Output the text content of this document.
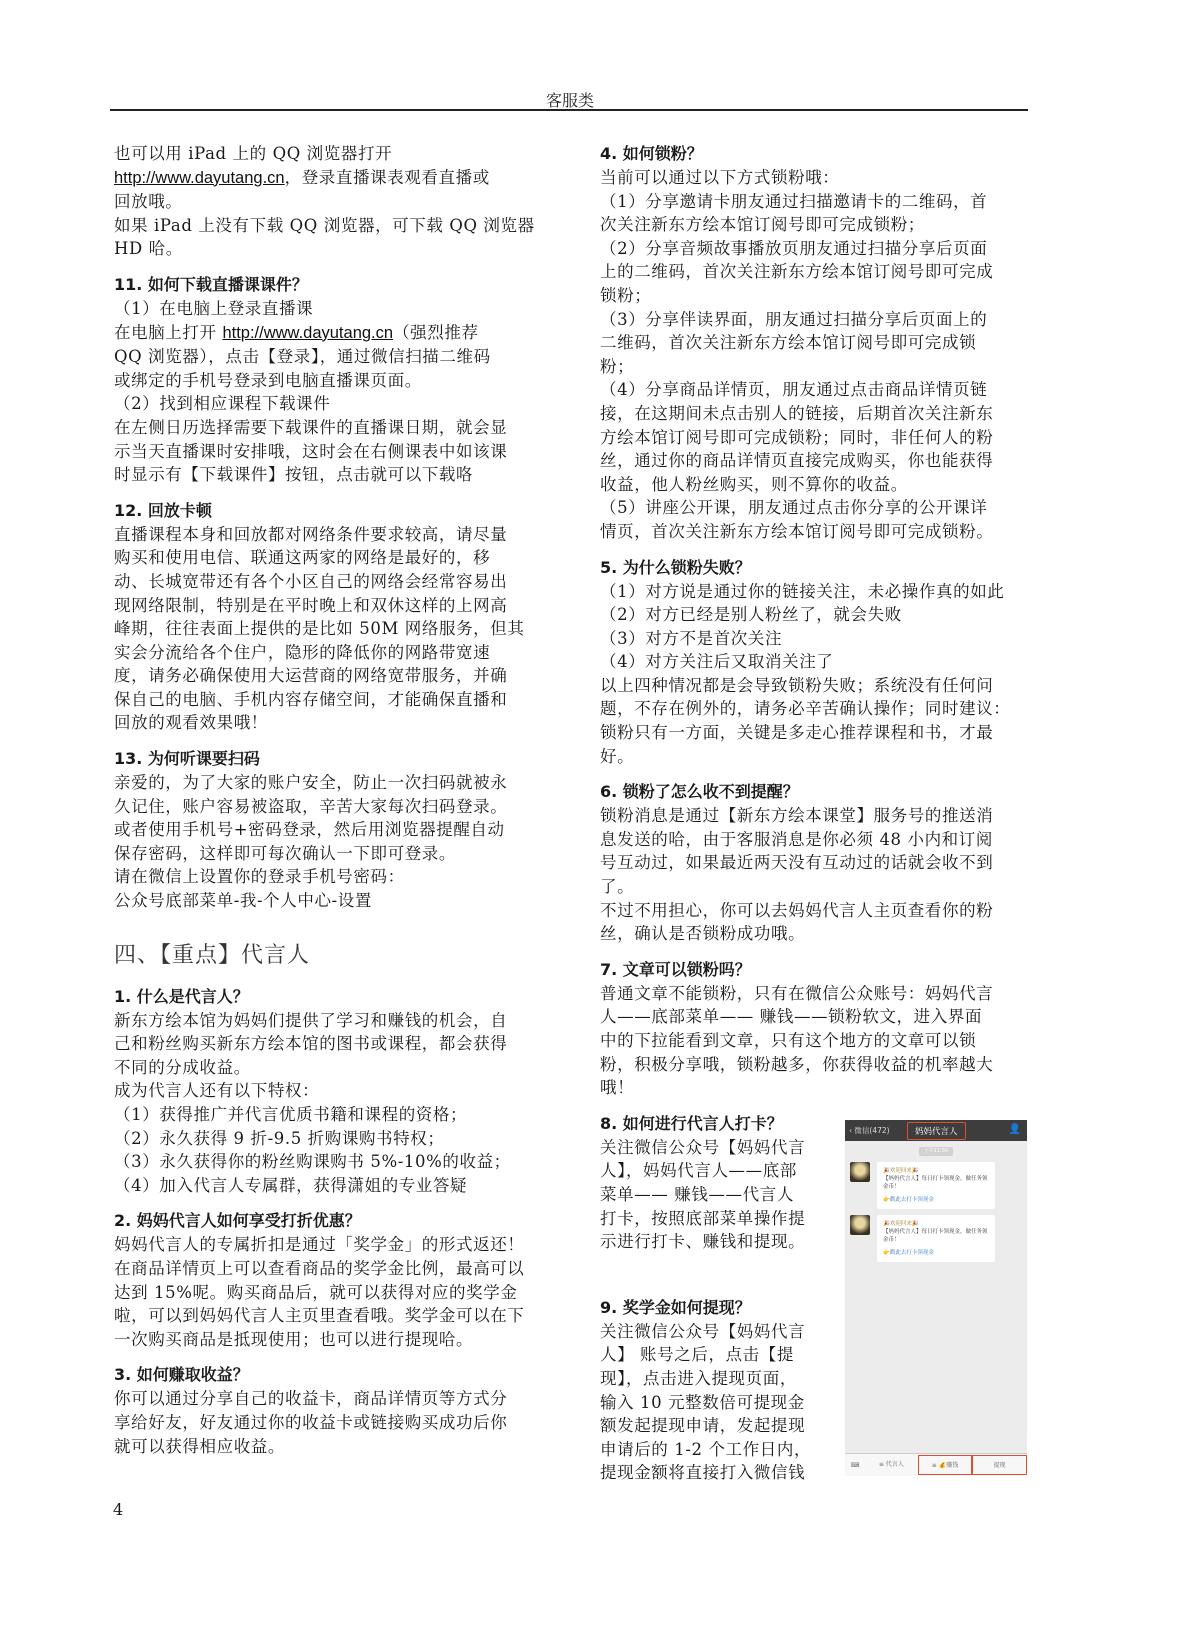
客服类
也可以用 iPad 上的 QQ 浏览器打开
http://www.dayutang.cn，登录直播课表观看直播或
回放哦。
如果 iPad 上没有下载 QQ 浏览器，可下载 QQ 浏览器
HD 哈。
11. 如何下载直播课课件？
（1）在电脑上登录直播课
在电脑上打开 http://www.dayutang.cn（强烈推荐
QQ 浏览器），点击【登录】，通过微信扫描二维码
或绑定的手机号登录到电脑直播课页面。
（2）找到相应课程下载课件
在左侧日历选择需要下载课件的直播课日期，就会显
示当天直播课时安排哦，这时会在右侧课表中如该课
时显示有【下载课件】按钮，点击就可以下载咯
12. 回放卡顿
直播课程本身和回放都对网络条件要求较高，请尽量
购买和使用电信、联通这两家的网络是最好的，移
动、长城宽带还有各个小区自己的网络会经常容易出
现网络限制，特别是在平时晚上和双休这样的上网高
峰期，往往表面上提供的是比如 50M 网络服务，但其
实会分流给各个住户，隐形的降低你的网路带宽速
度，请务必确保使用大运营商的网络宽带服务，并确
保自己的电脑、手机内容存储空间，才能确保直播和
回放的观看效果哦！
13. 为何听课要扫码
亲爱的，为了大家的账户安全，防止一次扫码就被永
久记住，账户容易被盗取，辛苦大家每次扫码登录。
或者使用手机号+密码登录，然后用浏览器提醒自动
保存密码，这样即可每次确认一下即可登录。
请在微信上设置你的登录手机号密码：
公众号底部菜单-我-个人中心-设置
四、【重点】代言人
1. 什么是代言人？
新东方绘本馆为妈妈们提供了学习和赚钱的机会，自
己和粉丝购买新东方绘本馆的图书或课程，都会获得
不同的分成收益。
成为代言人还有以下特权：
（1）获得推广并代言优质书籍和课程的资格；
（2）永久获得 9 折-9.5 折购课购书特权；
（3）永久获得你的粉丝购课购书 5%-10%的收益；
（4）加入代言人专属群，获得潇姐的专业答疑
2. 妈妈代言人如何享受打折优惠？
妈妈代言人的专属折扣是通过「奖学金」的形式返还！
在商品详情页上可以查看商品的奖学金比例，最高可以
达到 15%呢。购买商品后，就可以获得对应的奖学金
啦，可以到妈妈代言人主页里查看哦。奖学金可以在下
一次购买商品是抵现使用；也可以进行提现哈。
3. 如何赚取收益？
你可以通过分享自己的收益卡，商品详情页等方式分
享给好友，好友通过你的收益卡或链接购买成功后你
就可以获得相应收益。
4. 如何锁粉？
当前可以通过以下方式锁粉哦：
（1）分享邀请卡朋友通过扫描邀请卡的二维码，首
次关注新东方绘本馆订阅号即可完成锁粉；
（2）分享音频故事播放页朋友通过扫描分享后页面
上的二维码，首次关注新东方绘本馆订阅号即可完成
锁粉；
（3）分享伴读界面，朋友通过扫描分享后页面上的
二维码，首次关注新东方绘本馆订阅号即可完成锁
粉；
（4）分享商品详情页，朋友通过点击商品详情页链
接，在这期间未点击别人的链接，后期首次关注新东
方绘本馆订阅号即可完成锁粉；同时，非任何人的粉
丝，通过你的商品详情页直接完成购买，你也能获得
收益，他人粉丝购买，则不算你的收益。
（5）讲座公开课，朋友通过点击你分享的公开课详
情页，首次关注新东方绘本馆订阅号即可完成锁粉。
5. 为什么锁粉失败？
（1）对方说是通过你的链接关注，未必操作真的如此
（2）对方已经是别人粉丝了，就会失败
（3）对方不是首次关注
（4）对方关注后又取消关注了
以上四种情况都是会导致锁粉失败；系统没有任何问
题，不存在例外的，请务必辛苦确认操作；同时建议：
锁粉只有一方面，关键是多走心推荐课程和书，才最
好。
6. 锁粉了怎么收不到提醒？
锁粉消息是通过【新东方绘本课堂】服务号的推送消
息发送的哈，由于客服消息是你必须 48 小内和订阅
号互动过，如果最近两天没有互动过的话就会收不到
了。
不过不用担心，你可以去妈妈代言人主页查看你的粉
丝，确认是否锁粉成功哦。
7. 文章可以锁粉吗？
普通文章不能锁粉，只有在微信公众账号：妈妈代言
人——底部菜单—— 赚钱——锁粉软文，进入界面
中的下拉能看到文章，只有这个地方的文章可以锁
粉，积极分享哦，锁粉越多，你获得收益的机率越大
哦！
8. 如何进行代言人打卡？
关注微信公众号【妈妈代言
人】，妈妈代言人——底部
菜单—— 赚钱——代言人
打卡，按照底部菜单操作提
示进行打卡、赚钱和提现。
9. 奖学金如何提现？
关注微信公众号【妈妈代言
人】 账号之后，点击【提
现】，点击进入提现页面，
输入 10 元整数倍可提现金
额发起提现申请，发起提现
申请后的 1-2 个工作日内，
提现金额将直接打入微信钱
‹ 微信(472)	妈妈代言人	👤
上午11:50
🎉欢迎回来🎉
【妈妈代言人】每日打卡领现金，做任务领金币！
👉戳此去打卡领现金
🎉欢迎回来🎉
【妈妈代言人】每日打卡领现金，做任务领金币！
👉戳此去打卡领现金
⌨	≡ 代言人	≡ 💰赚钱	提现
4
